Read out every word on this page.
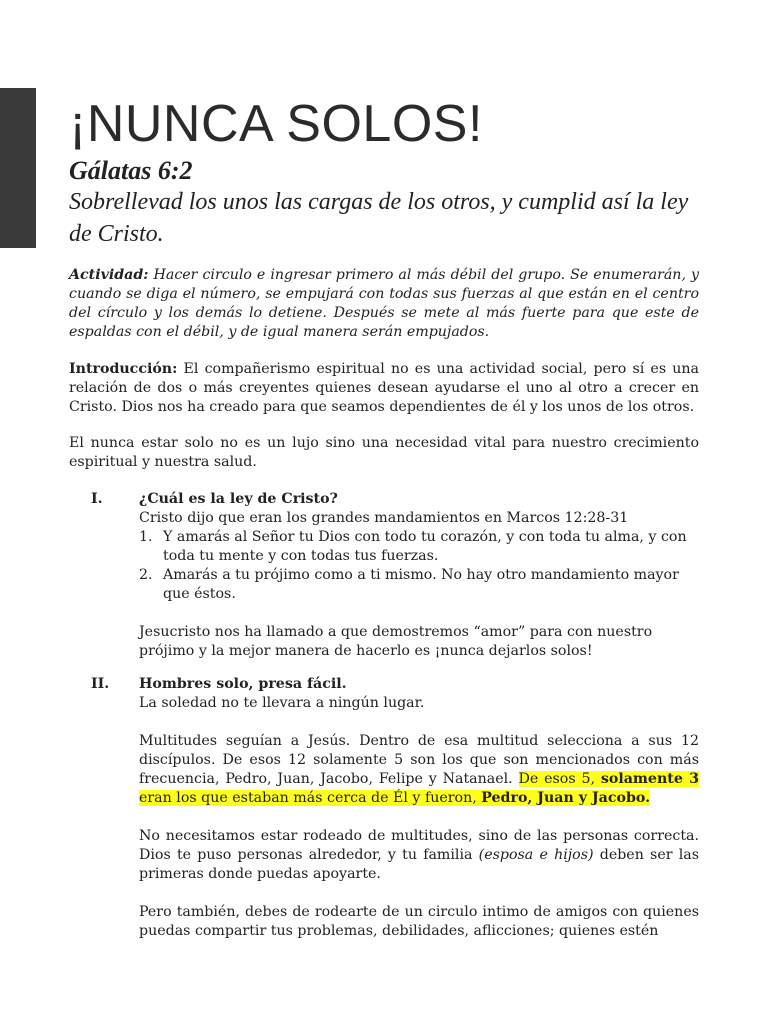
¡NUNCA SOLOS!
Gálatas 6:2
Sobrellevad los unos las cargas de los otros, y cumplid así la ley de Cristo.

Actividad: Hacer circulo e ingresar primero al más débil del grupo. Se enumerarán, y cuando se diga el número, se empujará con todas sus fuerzas al que están en el centro del círculo y los demás lo detiene. Después se mete al más fuerte para que este de espaldas con el débil, y de igual manera serán empujados.

Introducción: El compañerismo espiritual no es una actividad social, pero sí es una relación de dos o más creyentes quienes desean ayudarse el uno al otro a crecer en Cristo. Dios nos ha creado para que seamos dependientes de él y los unos de los otros.

El nunca estar solo no es un lujo sino una necesidad vital para nuestro crecimiento espiritual y nuestra salud.

I.	¿Cuál es la ley de Cristo?
Cristo dijo que eran los grandes mandamientos en Marcos 12:28-31
1. Y amarás al Señor tu Dios con todo tu corazón, y con toda tu alma, y con toda tu mente y con todas tus fuerzas.
2. Amarás a tu prójimo como a ti mismo. No hay otro mandamiento mayor que éstos.
Jesucristo nos ha llamado a que demostremos “amor” para con nuestro prójimo y la mejor manera de hacerlo es ¡nunca dejarlos solos!
II. Hombres solo, presa fácil.
La soledad no te llevara a ningún lugar.
Multitudes seguían a Jesús. Dentro de esa multitud selecciona a sus 12 discípulos. De esos 12 solamente 5 son los que son mencionados con más frecuencia, Pedro, Juan, Jacobo, Felipe y Natanael. De esos 5, solamente 3 eran los que estaban más cerca de Él y fueron, Pedro, Juan y Jacobo.
No necesitamos estar rodeado de multitudes, sino de las personas correcta. Dios te puso personas alrededor, y tu familia (esposa e hijos) deben ser las primeras donde puedas apoyarte.
Pero también, debes de rodearte de un circulo intimo de amigos con quienes puedas compartir tus problemas, debilidades, aflicciones; quienes estén
